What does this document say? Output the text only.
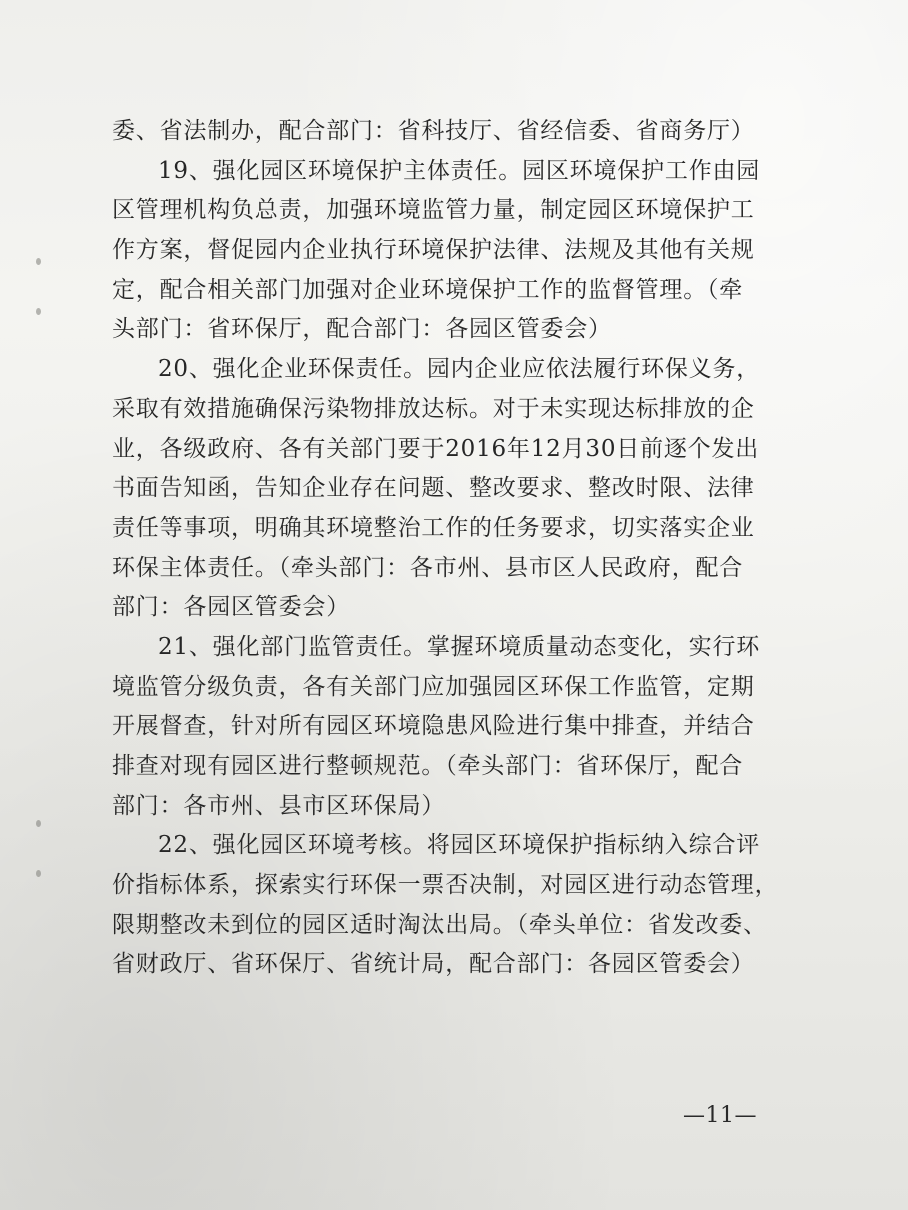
委、省法制办，配合部门：省科技厅、省经信委、省商务厅）
19、强化园区环境保护主体责任。园区环境保护工作由园
区管理机构负总责，加强环境监管力量，制定园区环境保护工
作方案，督促园内企业执行环境保护法律、法规及其他有关规
定，配合相关部门加强对企业环境保护工作的监督管理。（牵
头部门：省环保厅，配合部门：各园区管委会）
20、强化企业环保责任。园内企业应依法履行环保义务，
采取有效措施确保污染物排放达标。对于未实现达标排放的企
业，各级政府、各有关部门要于2016年12月30日前逐个发出
书面告知函，告知企业存在问题、整改要求、整改时限、法律
责任等事项，明确其环境整治工作的任务要求，切实落实企业
环保主体责任。（牵头部门：各市州、县市区人民政府，配合
部门：各园区管委会）
21、强化部门监管责任。掌握环境质量动态变化，实行环
境监管分级负责，各有关部门应加强园区环保工作监管，定期
开展督查，针对所有园区环境隐患风险进行集中排查，并结合
排查对现有园区进行整顿规范。（牵头部门：省环保厅，配合
部门：各市州、县市区环保局）
22、强化园区环境考核。将园区环境保护指标纳入综合评
价指标体系，探索实行环保一票否决制，对园区进行动态管理，
限期整改未到位的园区适时淘汰出局。（牵头单位：省发改委、
省财政厅、省环保厅、省统计局，配合部门：各园区管委会）
—11—
